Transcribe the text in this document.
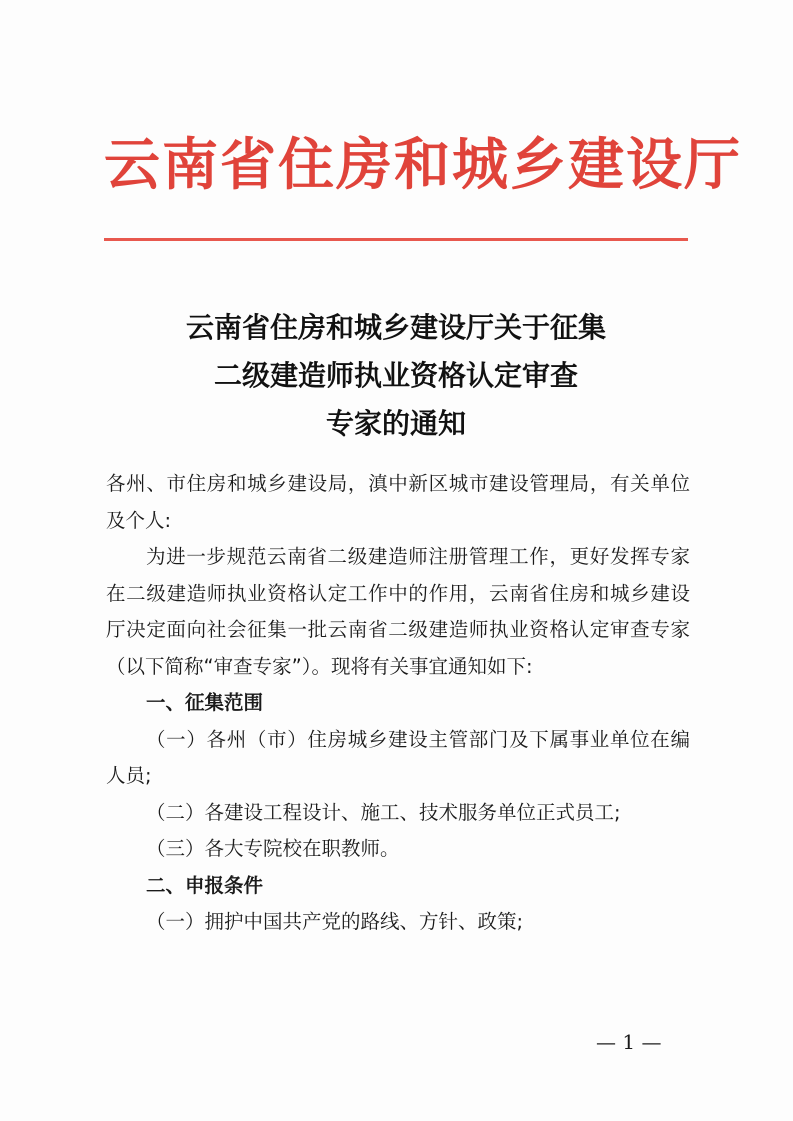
云南省住房和城乡建设厅
云南省住房和城乡建设厅关于征集
二级建造师执业资格认定审查
专家的通知

各州、市住房和城乡建设局，滇中新区城市建设管理局，有关单位及个人:

为进一步规范云南省二级建造师注册管理工作，更好发挥专家在二级建造师执业资格认定工作中的作用，云南省住房和城乡建设厅决定面向社会征集一批云南省二级建造师执业资格认定审查专家（以下简称“审查专家”）。现将有关事宜通知如下:

一、征集范围

（一）各州（市）住房城乡建设主管部门及下属事业单位在编人员;

（二）各建设工程设计、施工、技术服务单位正式员工;

（三）各大专院校在职教师。

二、申报条件

（一）拥护中国共产党的路线、方针、政策;

— 1 —
